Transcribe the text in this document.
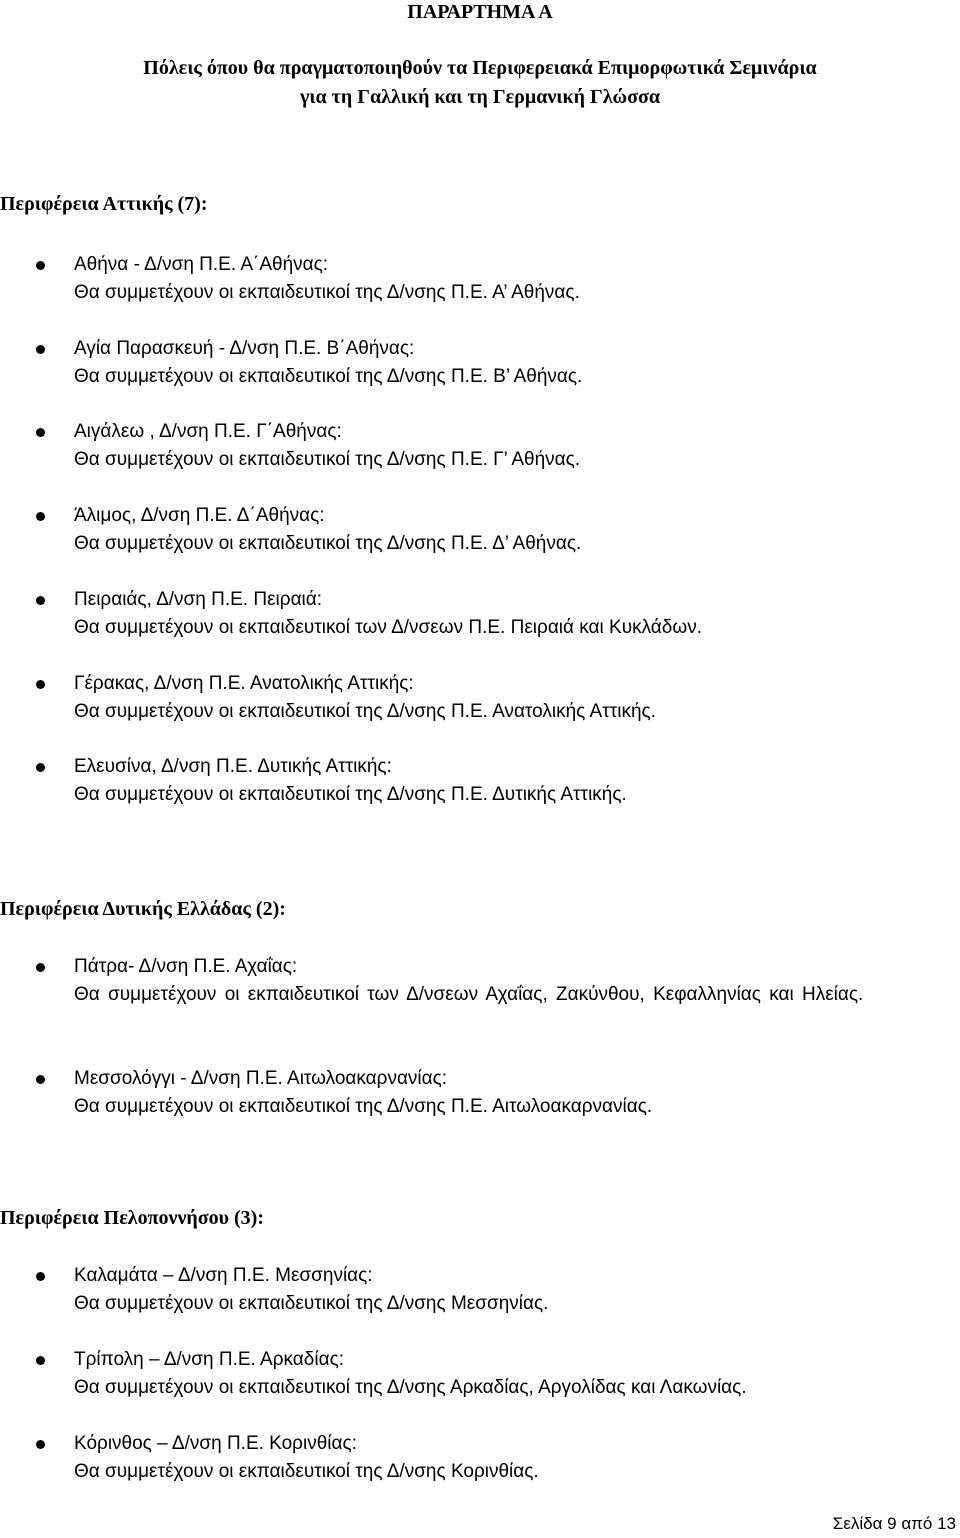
ΠΑΡΑΡΤΗΜΑ Α

Πόλεις όπου θα πραγματοποιηθούν τα Περιφερειακά Επιμορφωτικά Σεμινάρια

για τη Γαλλική και τη Γερμανική Γλώσσα

Περιφέρεια Αττικής (7):
Αθήνα - Δ/νση Π.Ε. Α΄Αθήνας:
Θα συμμετέχουν οι εκπαιδευτικοί της Δ/νσης Π.Ε. Α’ Αθήνας.
Αγία Παρασκευή - Δ/νση Π.Ε. Β΄Αθήνας:
Θα συμμετέχουν οι εκπαιδευτικοί της Δ/νσης Π.Ε. Β’ Αθήνας.
Αιγάλεω , Δ/νση Π.Ε. Γ΄Αθήνας:
Θα συμμετέχουν οι εκπαιδευτικοί της Δ/νσης Π.Ε. Γ’ Αθήνας.
Άλιμος, Δ/νση Π.Ε. Δ΄Αθήνας:
Θα συμμετέχουν οι εκπαιδευτικοί της Δ/νσης Π.Ε. Δ’ Αθήνας.
Πειραιάς, Δ/νση Π.Ε. Πειραιά:
Θα συμμετέχουν οι εκπαιδευτικοί των Δ/νσεων Π.Ε. Πειραιά και Κυκλάδων.
Γέρακας, Δ/νση Π.Ε. Ανατολικής Αττικής:
Θα συμμετέχουν οι εκπαιδευτικοί της Δ/νσης Π.Ε. Ανατολικής Αττικής.
Ελευσίνα, Δ/νση Π.Ε. Δυτικής Αττικής:
Θα συμμετέχουν οι εκπαιδευτικοί της Δ/νσης Π.Ε. Δυτικής Αττικής.
Περιφέρεια Δυτικής Ελλάδας (2):
Πάτρα- Δ/νση Π.Ε. Αχαΐας:
Θα συμμετέχουν οι εκπαιδευτικοί των Δ/νσεων Αχαΐας, Ζακύνθου, Κεφαλληνίας και Ηλείας.
Μεσσολόγγι - Δ/νση Π.Ε. Αιτωλοακαρνανίας:
Θα συμμετέχουν οι εκπαιδευτικοί της Δ/νσης Π.Ε. Αιτωλοακαρνανίας.
Περιφέρεια Πελοποννήσου (3):
Καλαμάτα – Δ/νση Π.Ε. Μεσσηνίας:
Θα συμμετέχουν οι εκπαιδευτικοί της Δ/νσης Μεσσηνίας.
Τρίπολη – Δ/νση Π.Ε. Αρκαδίας:
Θα συμμετέχουν οι εκπαιδευτικοί της Δ/νσης Αρκαδίας, Αργολίδας και Λακωνίας.
Κόρινθος – Δ/νση Π.Ε. Κορινθίας:
Θα συμμετέχουν οι εκπαιδευτικοί της Δ/νσης Κορινθίας.
Σελίδα 9 από 13
